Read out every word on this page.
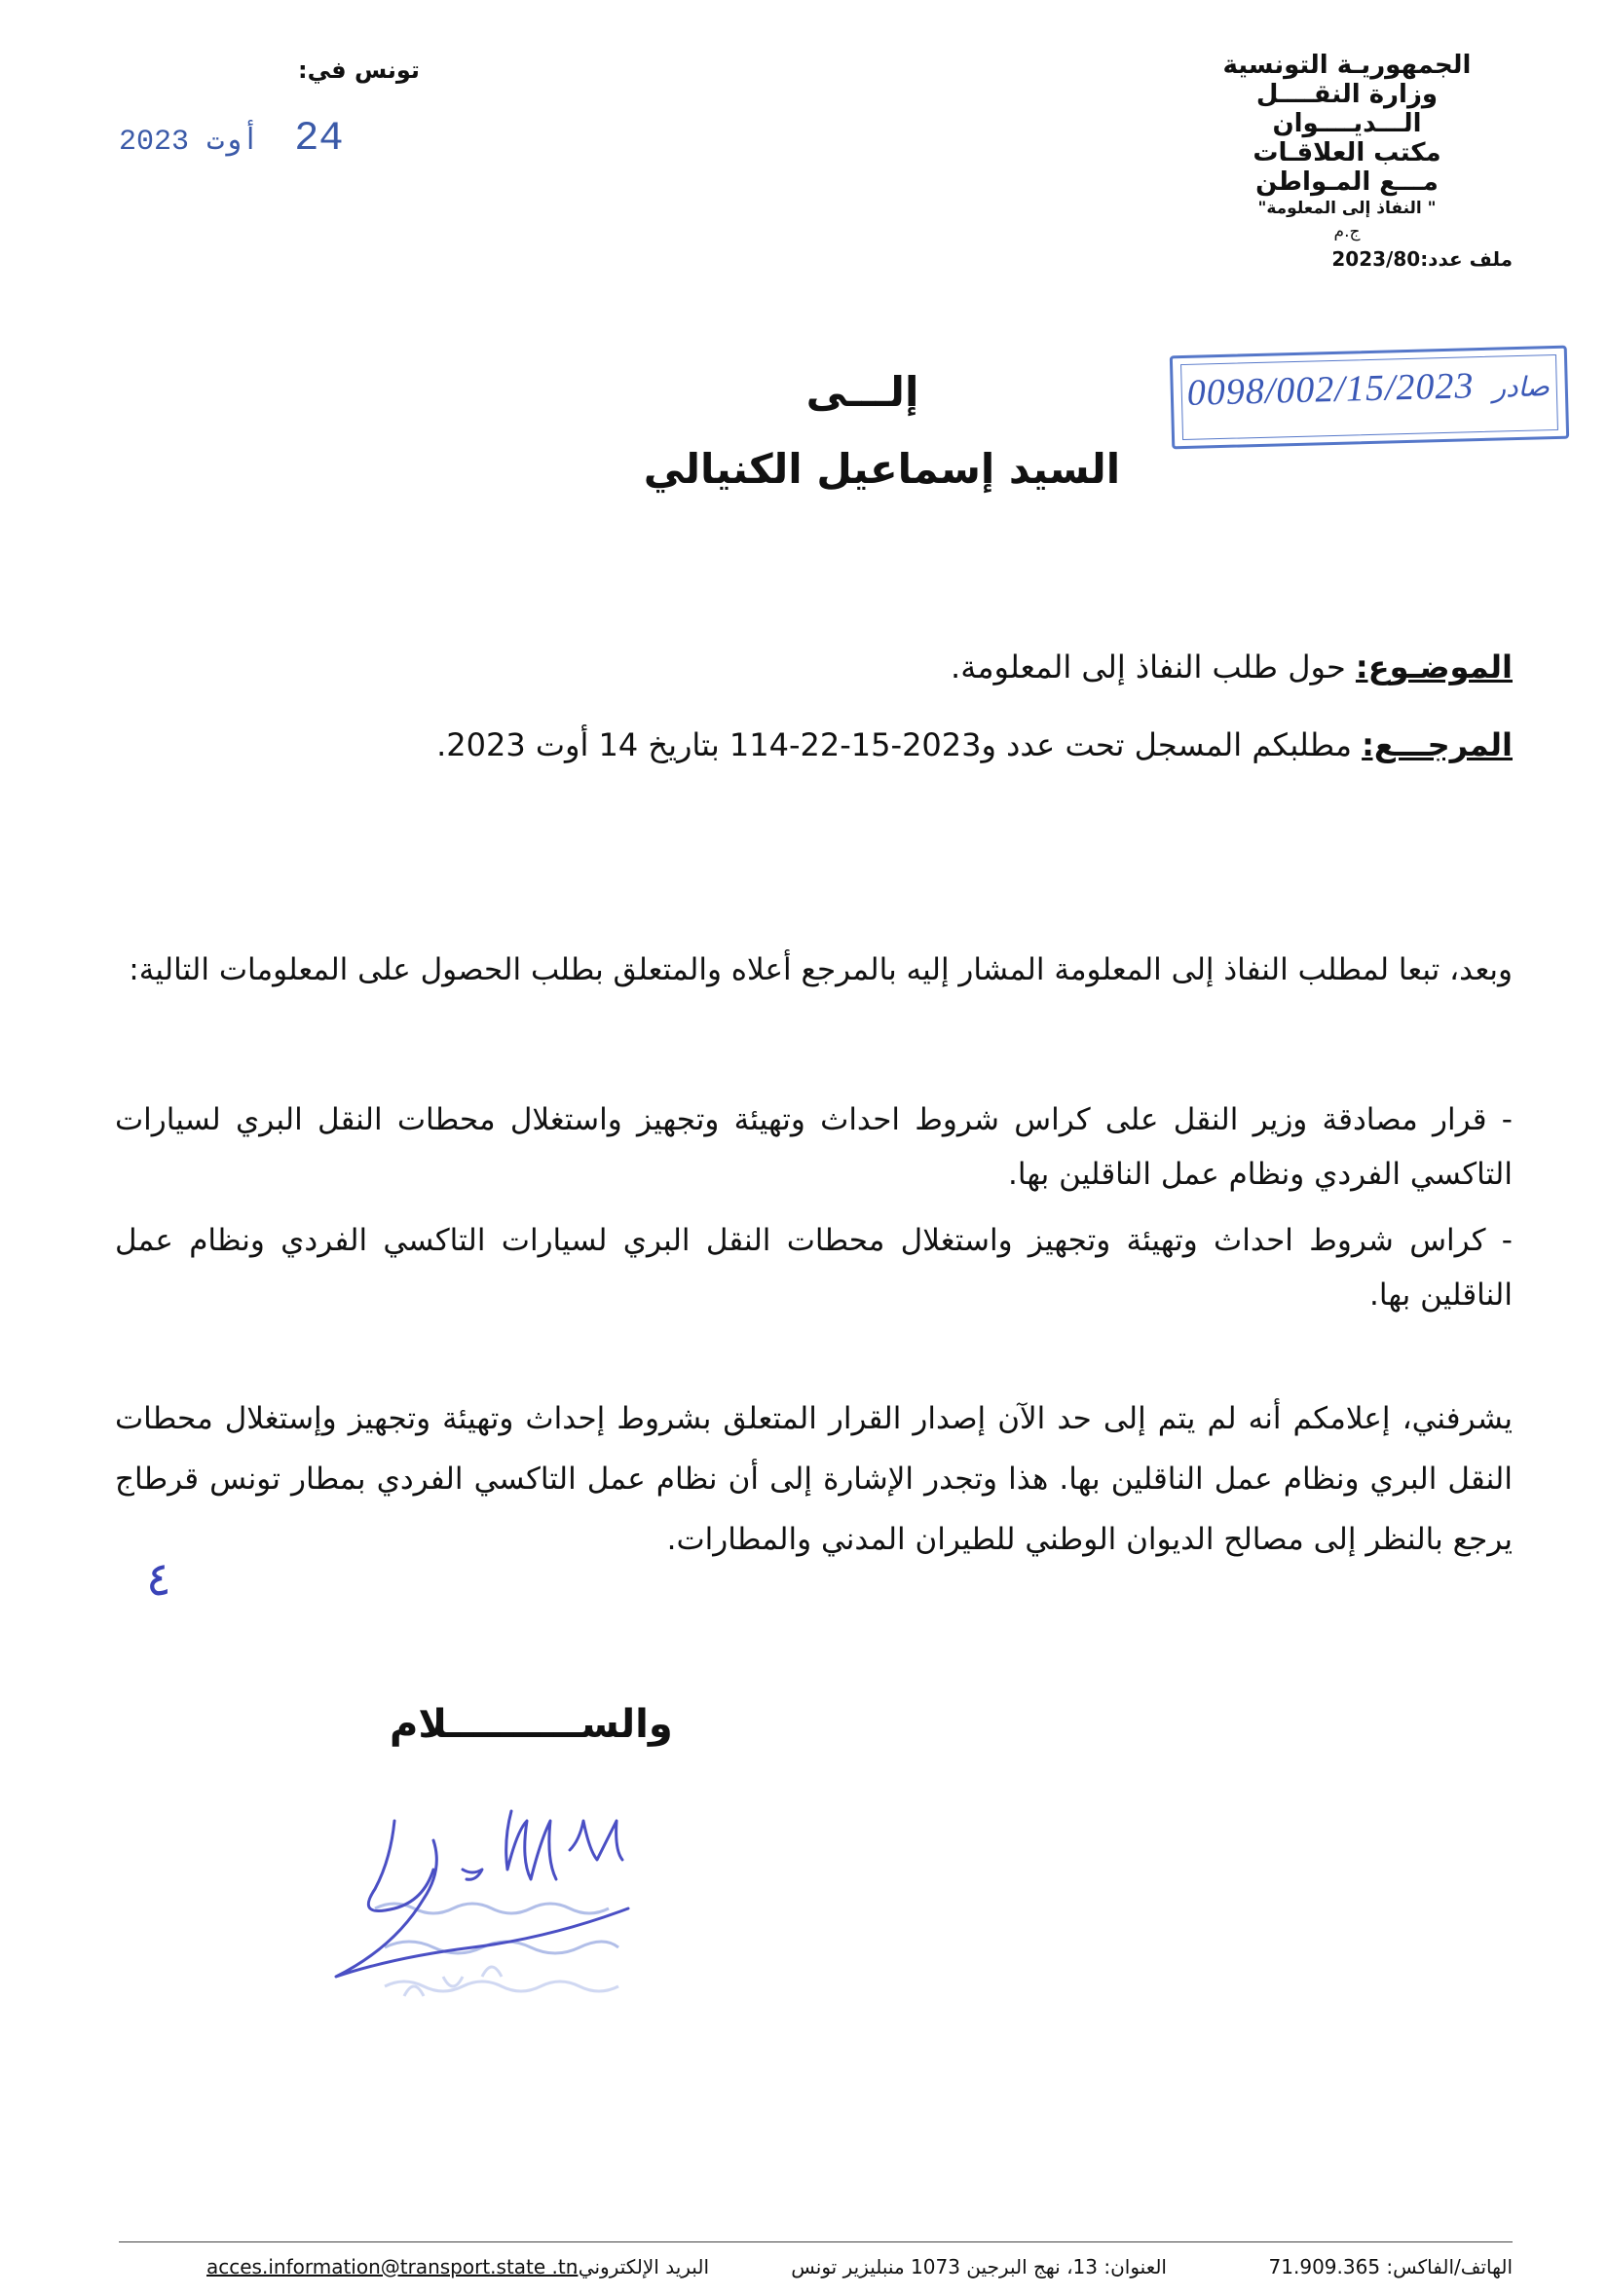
الجمهوريـة التونسية
وزارة النقــــل
الـــديــــوان
مكتب العلاقـات
مـــع المـواطن
" النفاذ إلى المعلومة"
ج.م
ملف عدد:2023/80
تونس في:
24 أوت 2023
0098/002/15/2023 صادر
إلـــى
السيد إسماعيل الكنيالي
الموضـوع: حول طلب النفاذ إلى المعلومة.
المرجـــع: مطلبكم المسجل تحت عدد و2023-15-22-114 بتاريخ 14 أوت 2023.
وبعد، تبعا لمطلب النفاذ إلى المعلومة المشار إليه بالمرجع أعلاه والمتعلق بطلب الحصول على المعلومات التالية:
- قرار مصادقة وزير النقل على كراس شروط احداث وتهيئة وتجهيز واستغلال محطات النقل البري لسيارات التاكسي الفردي ونظام عمل الناقلين بها.
- كراس شروط احداث وتهيئة وتجهيز واستغلال محطات النقل البري لسيارات التاكسي الفردي ونظام عمل الناقلين بها.
يشرفني، إعلامكم أنه لم يتم إلى حد الآن إصدار القرار المتعلق بشروط إحداث وتهيئة وتجهيز وإستغلال محطات النقل البري ونظام عمل الناقلين بها. هذا وتجدر الإشارة إلى أن نظام عمل التاكسي الفردي بمطار تونس قرطاج يرجع بالنظر إلى مصالح الديوان الوطني للطيران المدني والمطارات.
٤
والســــــــــلام
الهاتف/الفاكس: 71.909.365
العنوان: 13، نهج البرجين 1073 منبليزير تونس
البريد الإلكتروني:
acces.information@transport.state .tn
